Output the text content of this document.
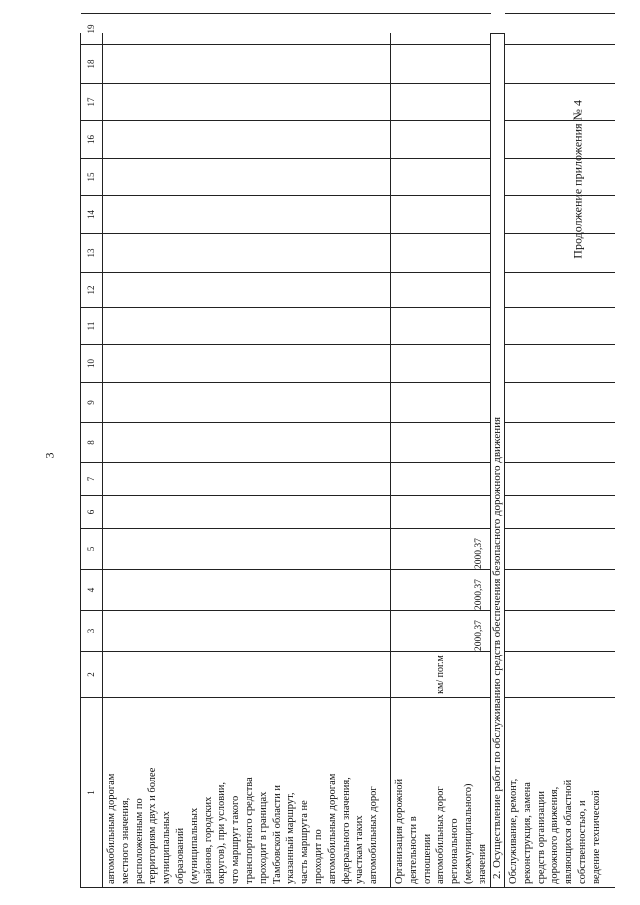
3
Продолжение приложения № 4
1
2
3
4
5
6
7
8
9
10
11
12
13
14
15
16
17
18
19

автомобильным дорогам местного значения, расположенным по территориям двух и более муниципальных образований (муниципальных районов, городских округов), при условии, что маршрут такого транспортного средства проходит в границах Тамбовской области и указанный маршрут, часть маршрута не проходит по автомобильным дорогам федерального значения, участкам таких автомобильных дорог Организация дорожной деятельности в отношении автомобильных дорог регионального (межмуниципального) значения

км/ пог.м
2000,37
2000,37
2000,37 2. Осуществление работ по обслуживанию средств обеспечения безопасного дорожного движения Обслуживание, ремонт, реконструкция, замена средств организации дорожного движения, являющихся областной собственностью, и ведение технической
